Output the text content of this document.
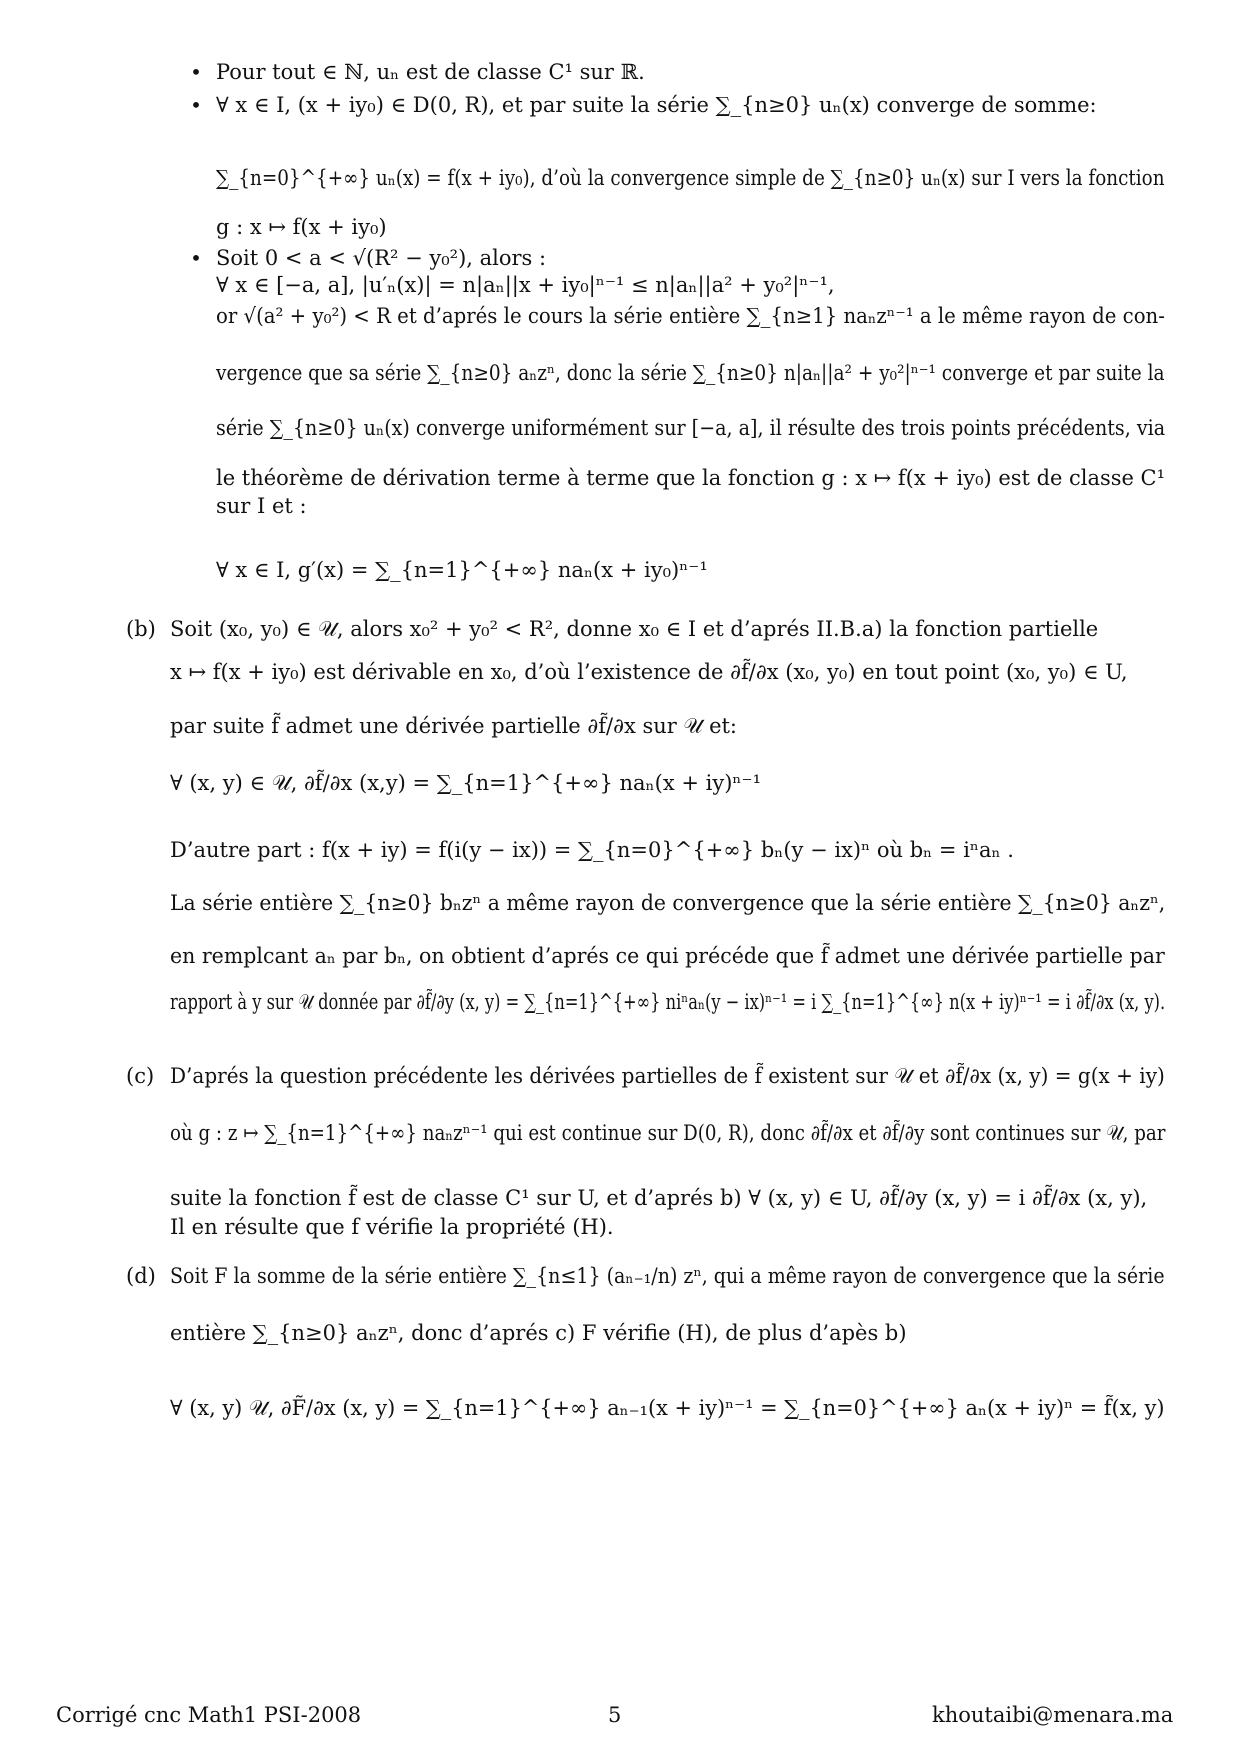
•
•
•
(b)
(c)
(d)
Pour tout ∈ ℕ, uₙ est de classe C¹ sur ℝ.
∀ x ∈ I, (x + iy₀) ∈ D(0, R), et par suite la série ∑_{n≥0} uₙ(x) converge de somme:
∑_{n=0}^{+∞} uₙ(x) = f(x + iy₀), d’où la convergence simple de ∑_{n≥0} uₙ(x) sur I vers la fonction
g : x ↦ f(x + iy₀)
Soit 0 < a < √(R² − y₀²), alors :
∀ x ∈ [−a, a], |u′ₙ(x)| = n|aₙ||x + iy₀|ⁿ⁻¹ ≤ n|aₙ||a² + y₀²|ⁿ⁻¹,
or √(a² + y₀²) < R et d’aprés le cours la série entière ∑_{n≥1} naₙzⁿ⁻¹ a le même rayon de con-
vergence que sa série ∑_{n≥0} aₙzⁿ, donc la série ∑_{n≥0} n|aₙ||a² + y₀²|ⁿ⁻¹ converge et par suite la
série ∑_{n≥0} uₙ(x) converge uniformément sur [−a, a], il résulte des trois points précédents, via
le théorème de dérivation terme à terme que la fonction g : x ↦ f(x + iy₀) est de classe C¹
sur I et :
∀ x ∈ I, g′(x) = ∑_{n=1}^{+∞} naₙ(x + iy₀)ⁿ⁻¹
Soit (x₀, y₀) ∈ 𝒰, alors x₀² + y₀² < R², donne x₀ ∈ I et d’aprés II.B.a) la fonction partielle
x ↦ f(x + iy₀) est dérivable en x₀, d’où l’existence de ∂f̃/∂x (x₀, y₀) en tout point (x₀, y₀) ∈ U,
par suite f̃ admet une dérivée partielle ∂f̃/∂x sur 𝒰 et:
∀ (x, y) ∈ 𝒰, ∂f̃/∂x (x,y) = ∑_{n=1}^{+∞} naₙ(x + iy)ⁿ⁻¹
D’autre part : f(x + iy) = f(i(y − ix)) = ∑_{n=0}^{+∞} bₙ(y − ix)ⁿ où bₙ = iⁿaₙ .
La série entière ∑_{n≥0} bₙzⁿ a même rayon de convergence que la série entière ∑_{n≥0} aₙzⁿ,
en remplcant aₙ par bₙ, on obtient d’aprés ce qui précéde que f̃ admet une dérivée partielle par
rapport à y sur 𝒰 donnée par ∂f̃/∂y (x, y) = ∑_{n=1}^{+∞} niⁿaₙ(y − ix)ⁿ⁻¹ = i ∑_{n=1}^{∞} n(x + iy)ⁿ⁻¹ = i ∂f̃/∂x (x, y).
D’aprés la question précédente les dérivées partielles de f̃ existent sur 𝒰 et ∂f̃/∂x (x, y) = g(x + iy)
où g : z ↦ ∑_{n=1}^{+∞} naₙzⁿ⁻¹ qui est continue sur D(0, R), donc ∂f̃/∂x et ∂f̃/∂y sont continues sur 𝒰, par
suite la fonction f̃ est de classe C¹ sur U, et d’aprés b) ∀ (x, y) ∈ U, ∂f̃/∂y (x, y) = i ∂f̃/∂x (x, y),
Il en résulte que f vérifie la propriété (H).
Soit F la somme de la série entière ∑_{n≤1} (aₙ₋₁/n) zⁿ, qui a même rayon de convergence que la série
entière ∑_{n≥0} aₙzⁿ, donc d’aprés c) F vérifie (H), de plus d’apès b)
∀ (x, y) 𝒰, ∂F̃/∂x (x, y) = ∑_{n=1}^{+∞} aₙ₋₁(x + iy)ⁿ⁻¹ = ∑_{n=0}^{+∞} aₙ(x + iy)ⁿ = f̃(x, y)
Corrigé cnc Math1 PSI-2008	5	khoutaibi@menara.ma
